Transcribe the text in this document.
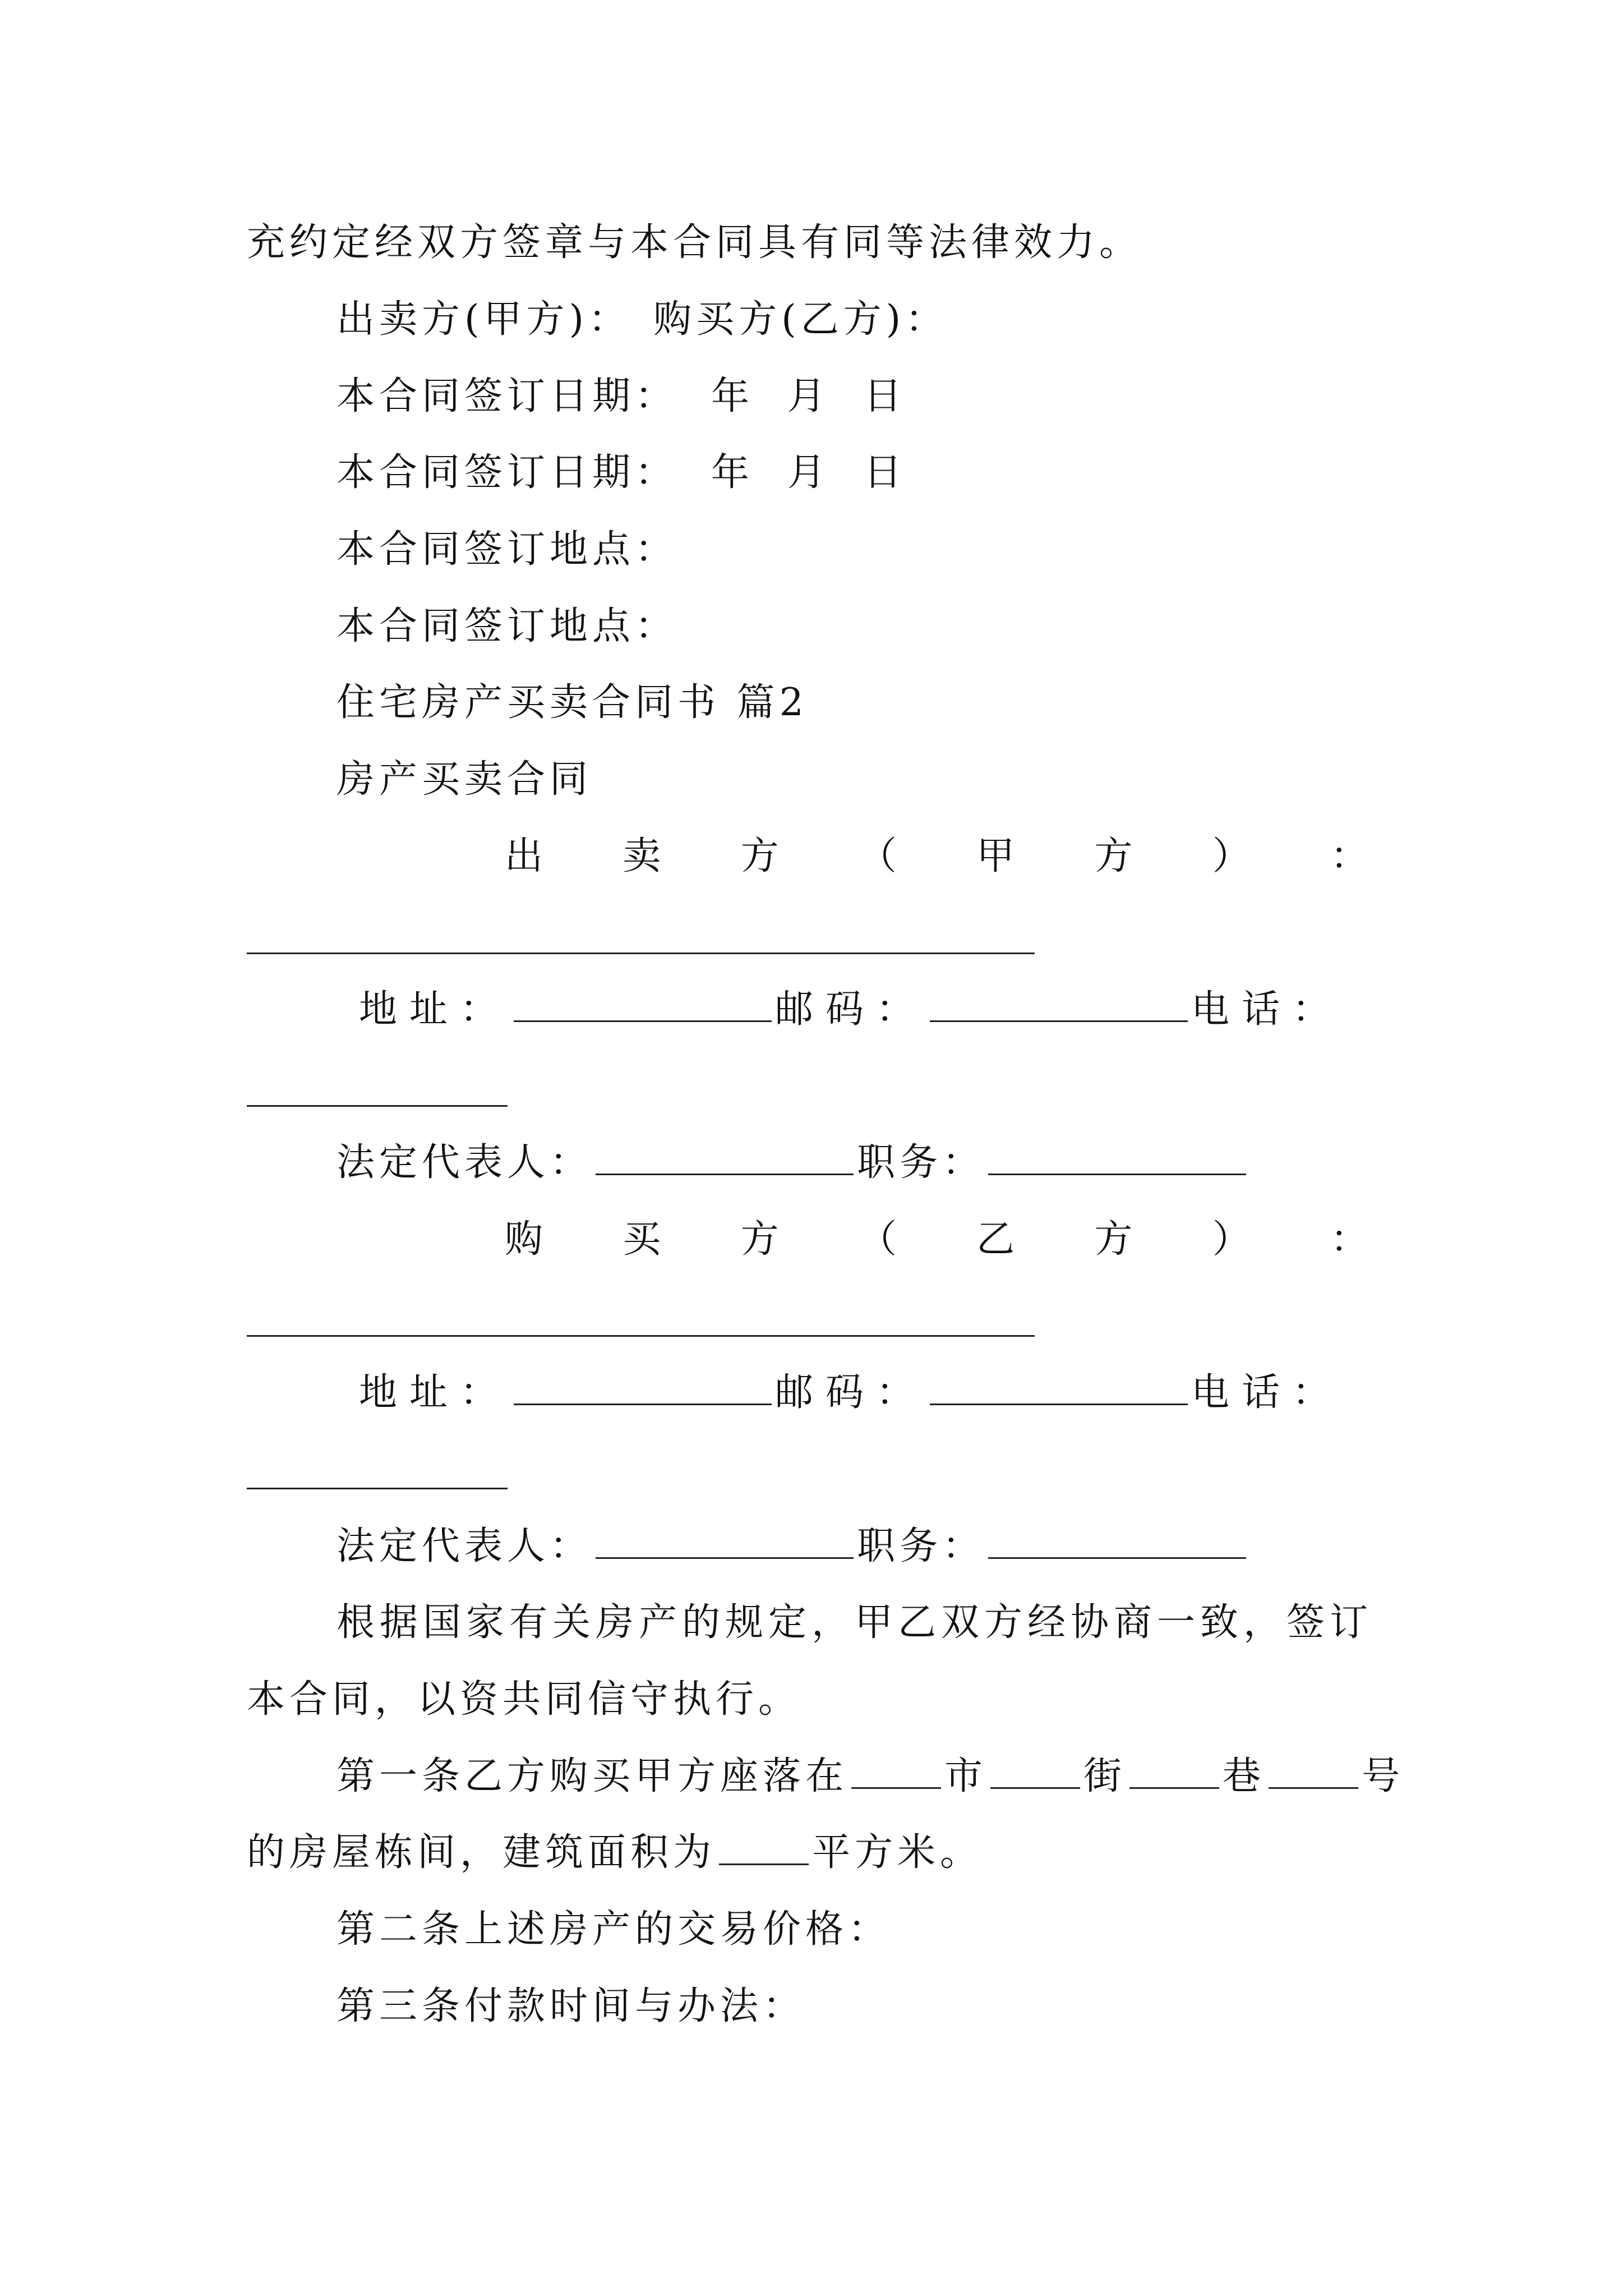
充约定经双方签章与本合同具有同等法律效力。
出卖方(甲方)： 购买方(乙方)：
本合同签订日期： 年 月 日
本合同签订日期： 年 月 日
本合同签订地点：
本合同签订地点：
住宅房产买卖合同书 篇2
房产买卖合同
出 卖 方 （ 甲 方 ） ：
地址：	邮码：	电话：
法定代表人：	职务：
购 买 方 （ 乙 方 ） ：
地址：	邮码：	电话：
法定代表人：	职务：
根据国家有关房产的规定，甲乙双方经协商一致，签订
本合同，以资共同信守执行。
第一条乙方购买甲方座落在	市	街	巷	号
的房屋栋间，建筑面积为	平方米。
第二条上述房产的交易价格：
第三条付款时间与办法：
